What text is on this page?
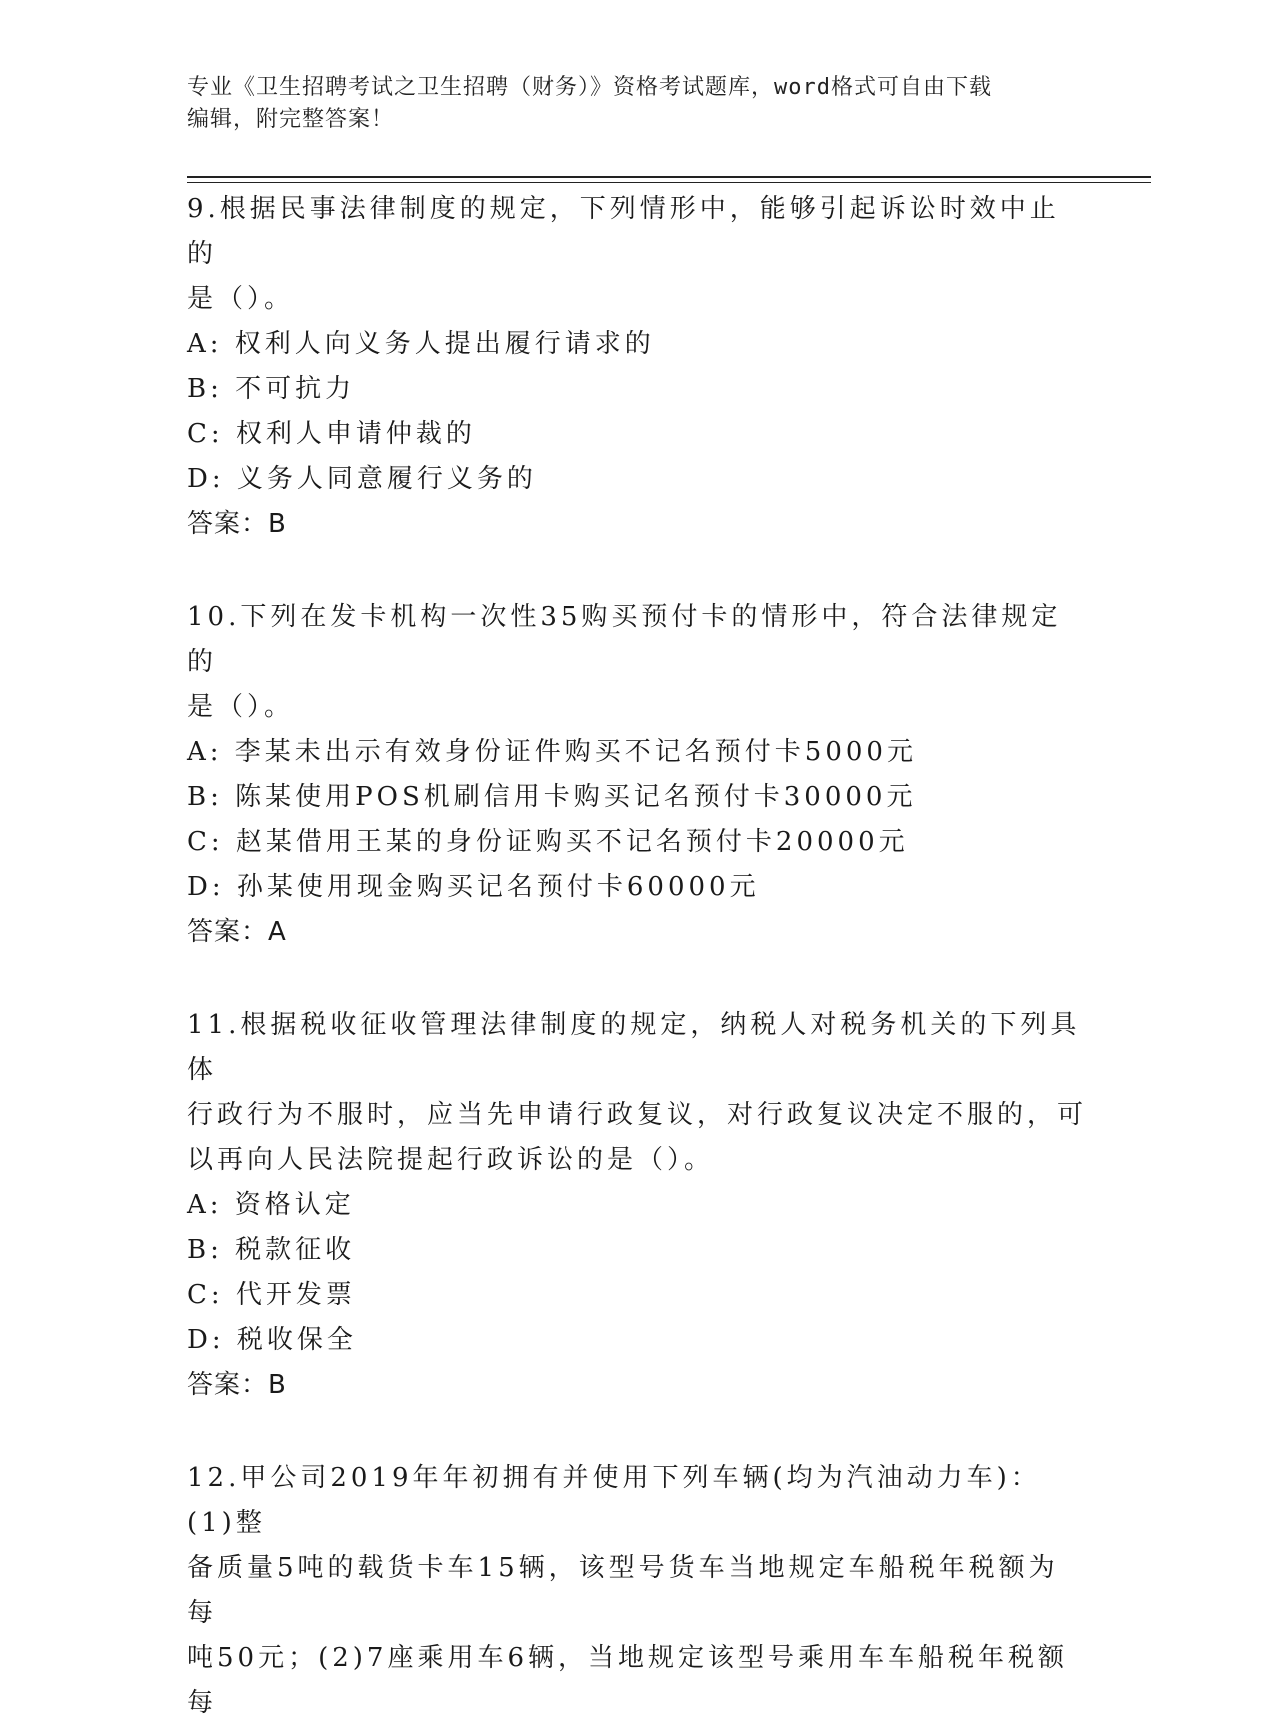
专业《卫生招聘考试之卫生招聘（财务）》资格考试题库，word格式可自由下载
编辑，附完整答案！

9.根据民事法律制度的规定，下列情形中，能够引起诉讼时效中止的

是（）。

A: 权利人向义务人提出履行请求的

B: 不可抗力

C: 权利人申请仲裁的

D: 义务人同意履行义务的

答案：B

10.下列在发卡机构一次性35购买预付卡的情形中，符合法律规定的

是（）。

A: 李某未出示有效身份证件购买不记名预付卡5000元

B: 陈某使用POS机刷信用卡购买记名预付卡30000元

C: 赵某借用王某的身份证购买不记名预付卡20000元

D: 孙某使用现金购买记名预付卡60000元

答案：A

11.根据税收征收管理法律制度的规定，纳税人对税务机关的下列具体

行政行为不服时，应当先申请行政复议，对行政复议决定不服的，可

以再向人民法院提起行政诉讼的是（）。

A: 资格认定

B: 税款征收

C: 代开发票

D: 税收保全

答案：B

12.甲公司2019年年初拥有并使用下列车辆(均为汽油动力车)：(1)整

备质量5吨的载货卡车15辆，该型号货车当地规定车船税年税额为每

吨50元；(2)7座乘用车6辆，当地规定该型号乘用车车船税年税额每
